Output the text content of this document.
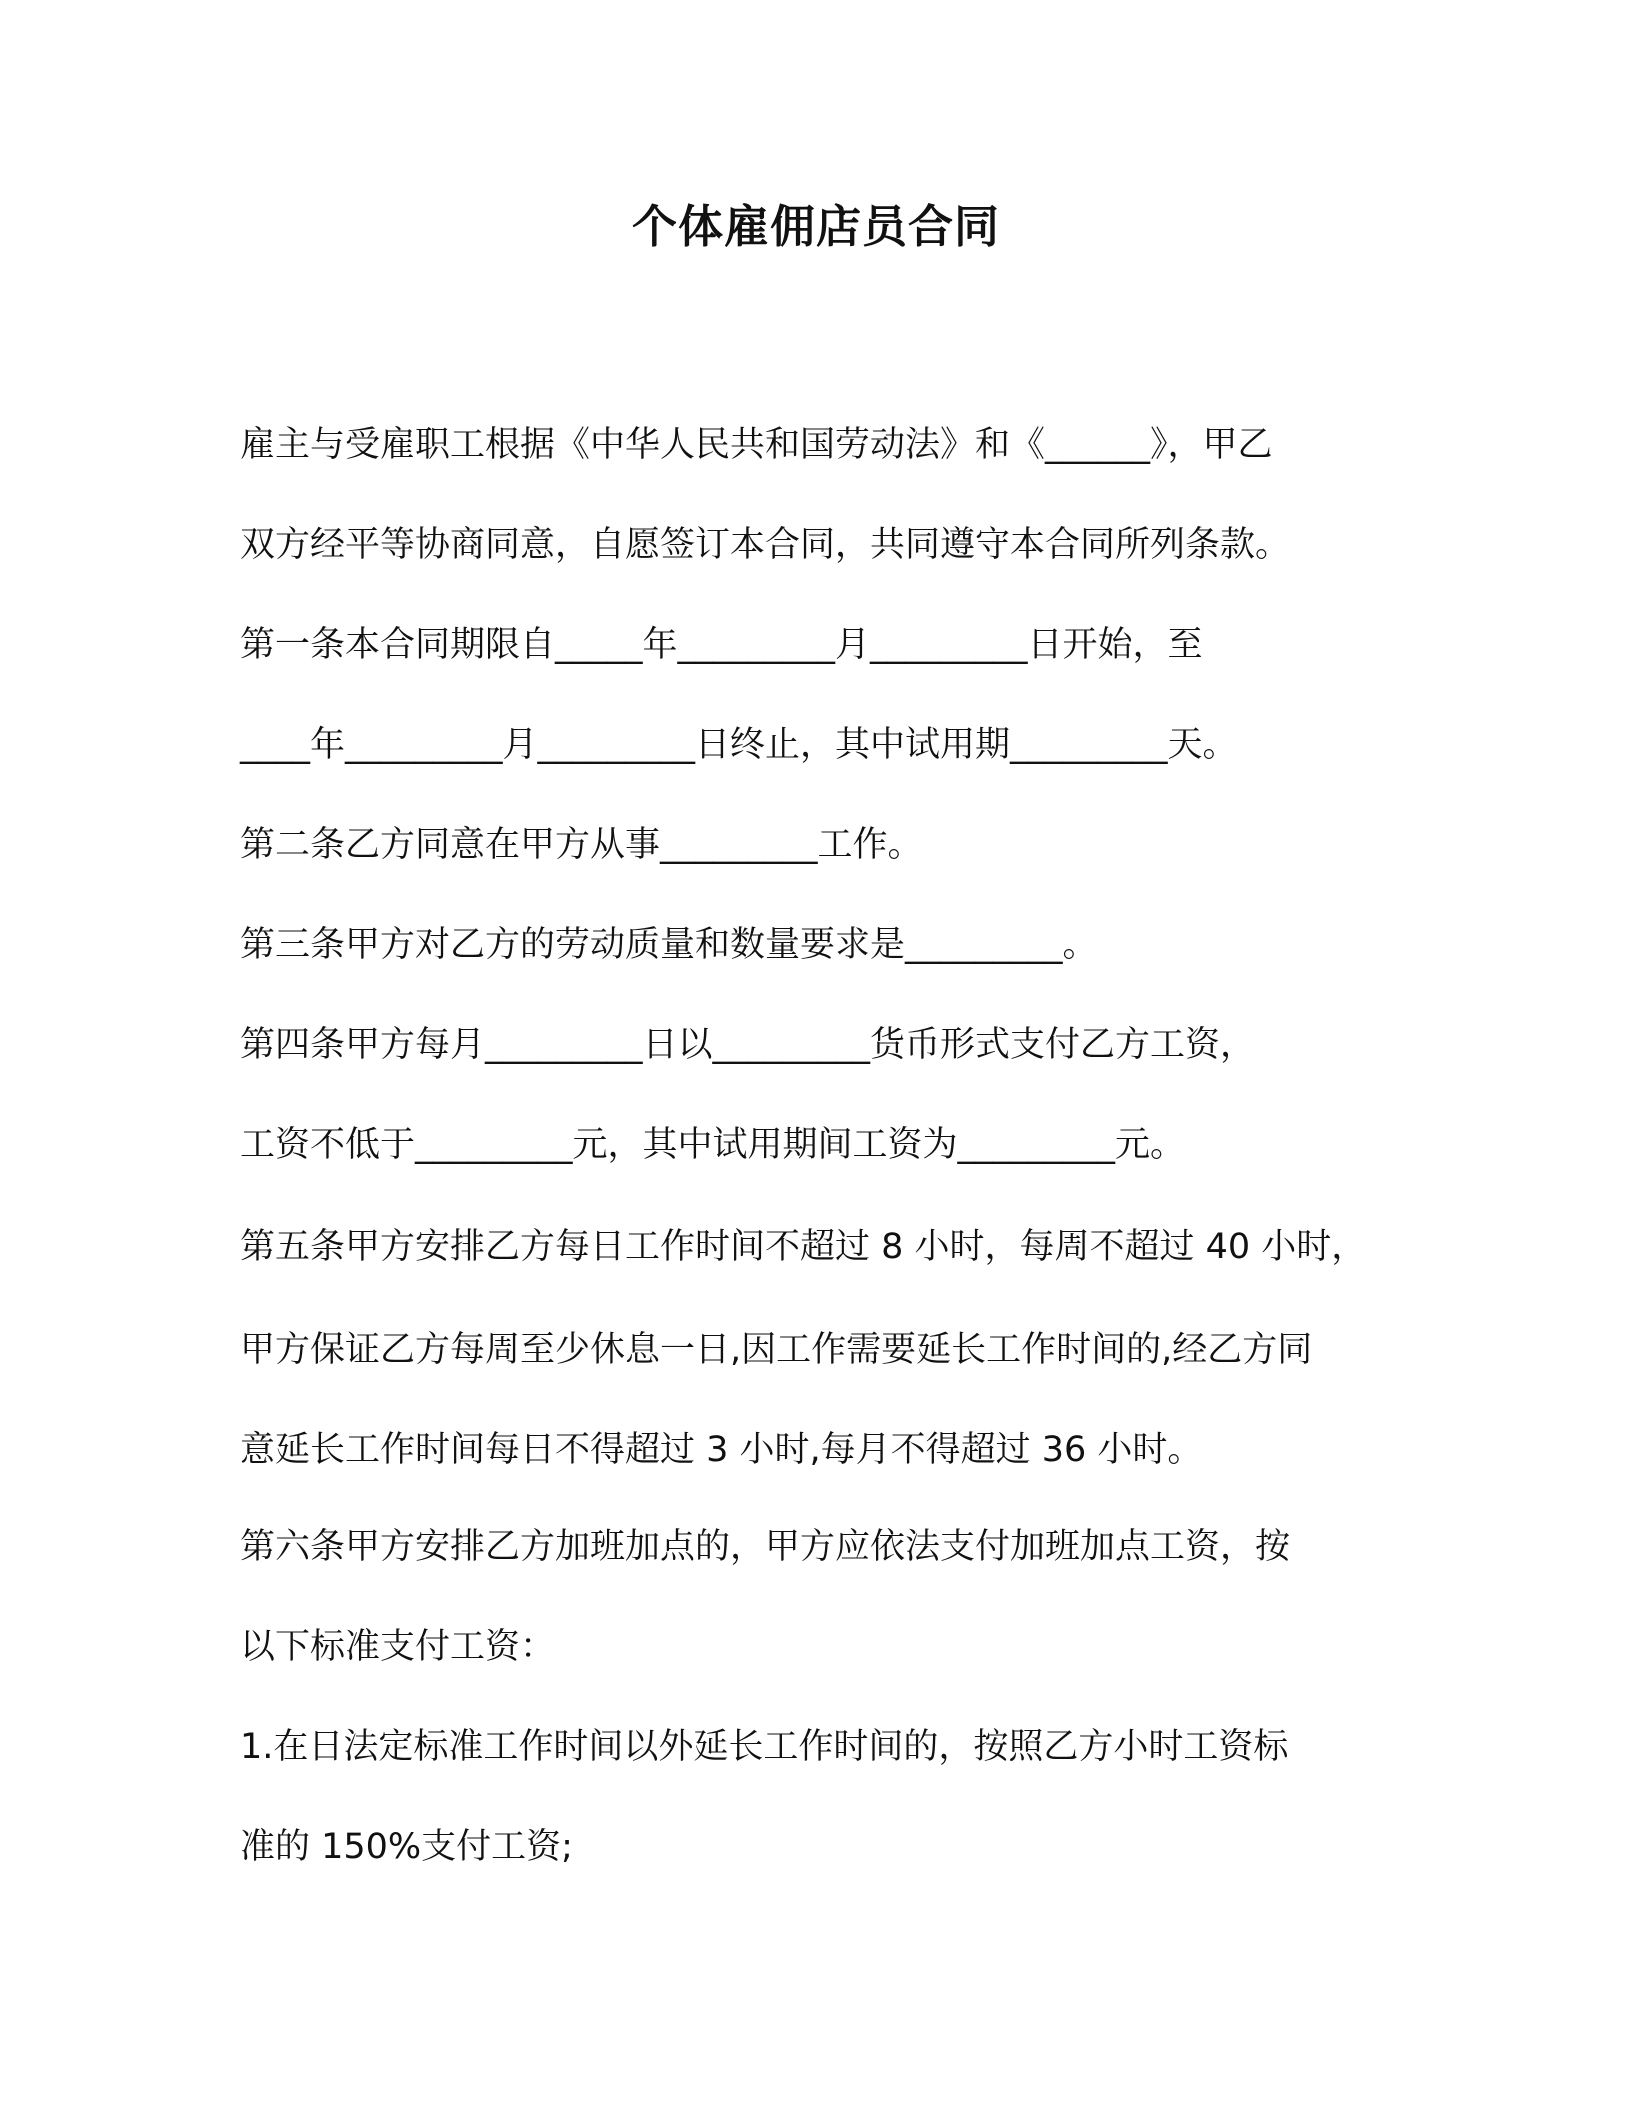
个体雇佣店员合同

雇主与受雇职工根据《中华人民共和国劳动法》和《______》，甲乙

双方经平等协商同意，自愿签订本合同，共同遵守本合同所列条款。

第一条本合同期限自_____年_________月_________日开始，至

____年_________月_________日终止，其中试用期_________天。

第二条乙方同意在甲方从事_________工作。

第三条甲方对乙方的劳动质量和数量要求是_________。

第四条甲方每月_________日以_________货币形式支付乙方工资，

工资不低于_________元，其中试用期间工资为_________元。

第五条甲方安排乙方每日工作时间不超过 8 小时，每周不超过 40 小时，

甲方保证乙方每周至少休息一日,因工作需要延长工作时间的,经乙方同

意延长工作时间每日不得超过 3 小时,每月不得超过 36 小时。

第六条甲方安排乙方加班加点的，甲方应依法支付加班加点工资，按

以下标准支付工资：

1.在日法定标准工作时间以外延长工作时间的，按照乙方小时工资标

准的 150%支付工资;
